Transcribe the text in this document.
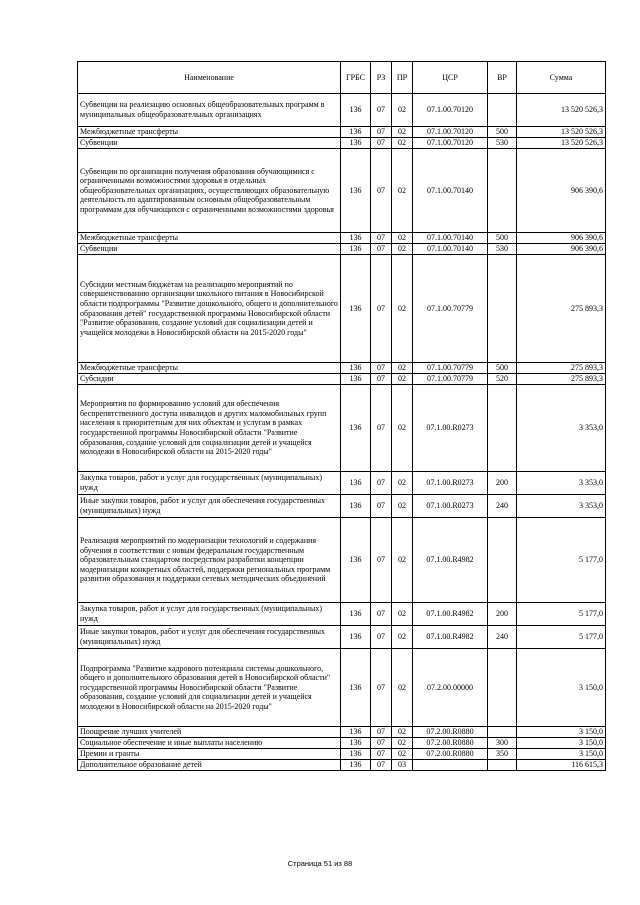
Наименование	ГРБС	РЗ	ПР	ЦСР	ВР	Сумма
Субвенции на реализацию основных общеобразовательных программ в муниципальных общеобразовательных организациях	136	07	02	07.1.00.70120		13 520 526,3
Межбюджетные трансферты	136	07	02	07.1.00.70120	500	13 520 526,3
Субвенции	136	07	02	07.1.00.70120	530	13 520 526,3
Субвенции по организации получения образования обучающимися с ограниченными возможностями здоровья в отдельных общеобразовательных организациях, осуществляющих образовательную деятельность по адаптированным основным общеобразовательным программам для обучающихся с ограниченными возможностями здоровья	136	07	02	07.1.00.70140		906 390,6
Межбюджетные трансферты	136	07	02	07.1.00.70140	500	906 390,6
Субвенции	136	07	02	07.1.00.70140	530	906 390,6
Субсидии местным бюджетам на реализацию мероприятий по совершенствованию организации школьного питания в Новосибирской области подпрограммы "Развитие дошкольного, общего и дополнительного образования детей" государственной программы Новосибирской области "Развитие образования, создание условий для социализации детей и учащейся молодежи в Новосибирской области на 2015-2020 годы"	136	07	02	07.1.00.70779		275 893,3
Межбюджетные трансферты	136	07	02	07.1.00.70779	500	275 893,3
Субсидии	136	07	02	07.1.00.70779	520	275 893,3
Мероприятия по формированию условий для обеспечения беспрепятственного доступа инвалидов и других маломобильных групп населения к приоритетным для них объектам и услугам в рамках государственной программы Новосибирской области "Развитие образования, создание условий для социализации детей и учащейся молодежи в Новосибирской области на 2015-2020 годы"	136	07	02	07.1.00.R0273		3 353,0
Закупка товаров, работ и услуг для государственных (муниципальных) нужд	136	07	02	07.1.00.R0273	200	3 353,0
Иные закупки товаров, работ и услуг для обеспечения государственных (муниципальных) нужд	136	07	02	07.1.00.R0273	240	3 353,0
Реализация мероприятий по модернизации технологий и содержания обучения в соответствии с новым федеральным государственным образовательным стандартом посредством разработки концепции модернизации конкретных областей, поддержки региональных программ развития образования и поддержки сетевых методических объединений	136	07	02	07.1.00.R4982		5 177,0
Закупка товаров, работ и услуг для государственных (муниципальных) нужд	136	07	02	07.1.00.R4982	200	5 177,0
Иные закупки товаров, работ и услуг для обеспечения государственных (муниципальных) нужд	136	07	02	07.1.00.R4982	240	5 177,0
Подпрограмма "Развитие кадрового потенциала системы дошкольного, общего и дополнительного образования детей в Новосибирской области" государственной программы Новосибирской области "Развитие образования, создание условий для социализации детей и учащейся молодежи в Новосибирской области на 2015-2020 годы"	136	07	02	07.2.00.00000		3 150,0
Поощрение лучших учителей	136	07	02	07.2.00.R0880		3 150,0
Социальное обеспечение и иные выплаты населению	136	07	02	07.2.00.R0880	300	3 150,0
Премии и гранты	136	07	02	07.2.00.R0880	350	3 150,0
Дополнительное образование детей	136	07	03			116 615,3
Страница 51 из 88
